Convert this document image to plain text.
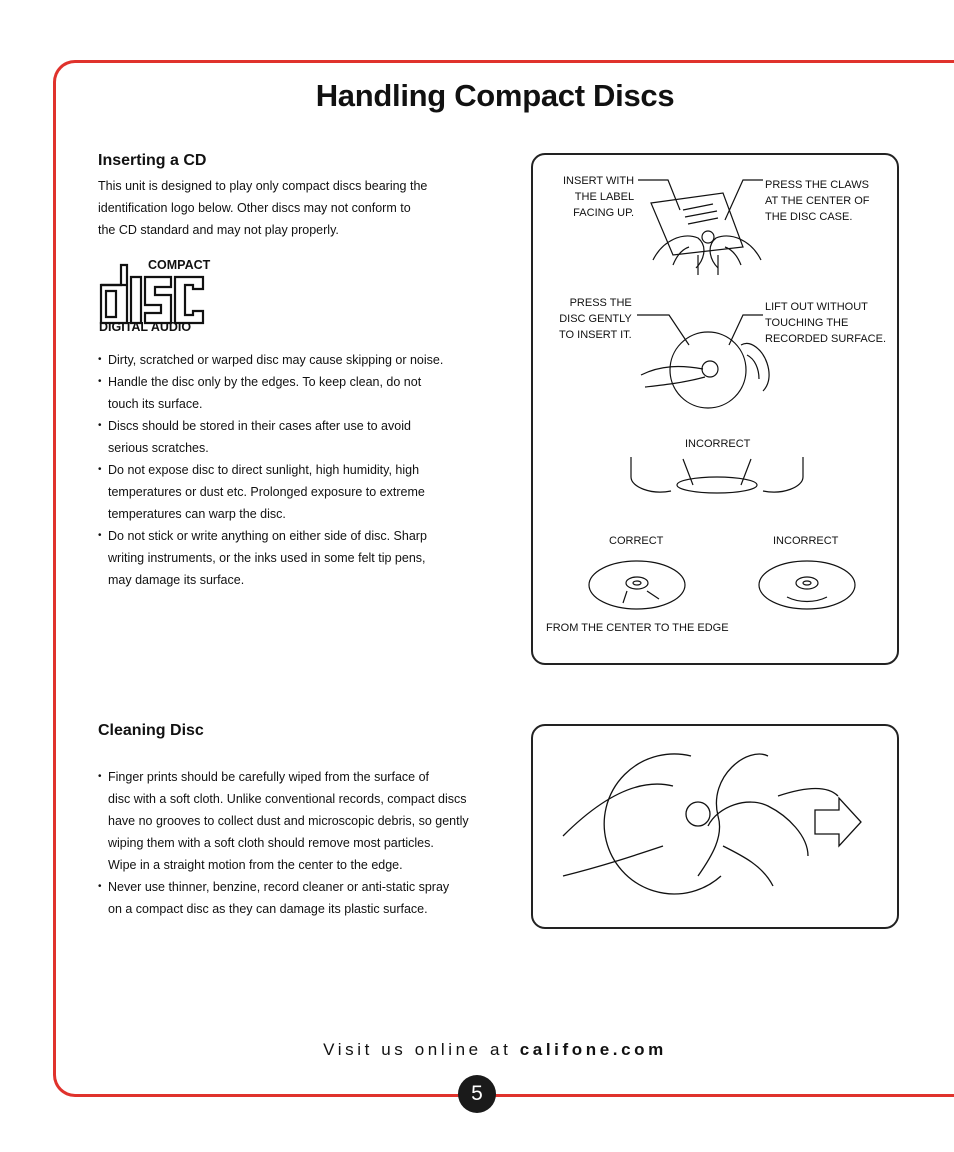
Handling Compact Discs
Inserting a CD
This unit is designed to play only compact discs bearing the
identification logo below. Other discs may not conform to
the CD standard and may not play properly.
COMPACT
DIGITAL AUDIO
• Dirty, scratched or warped disc may cause skipping or noise.
• Handle the disc only by the edges. To keep clean, do not
touch its surface.
• Discs should be stored in their cases after use to avoid
serious scratches.
• Do not expose disc to direct sunlight, high humidity, high
temperatures or dust etc. Prolonged exposure to extreme
temperatures can warp the disc.
• Do not stick or write anything on either side of disc. Sharp
writing instruments, or the inks used in some felt tip pens,
may damage its surface.
INSERT WITH
THE LABEL
FACING UP.
PRESS THE CLAWS
AT THE CENTER OF
THE DISC CASE.
PRESS THE
DISC GENTLY
TO INSERT IT.
LIFT OUT WITHOUT
TOUCHING THE
RECORDED SURFACE.
INCORRECT
CORRECT	INCORRECT
FROM THE CENTER TO THE EDGE
Cleaning Disc
• Finger prints should be carefully wiped from the surface of
disc with a soft cloth. Unlike conventional records, compact discs
have no grooves to collect dust and microscopic debris, so gently
wiping them with a soft cloth should remove most particles.
Wipe in a straight motion from the center to the edge.
• Never use thinner, benzine, record cleaner or anti-static spray
on a compact disc as they can damage its plastic surface.
Visit us online at califone.com
5
